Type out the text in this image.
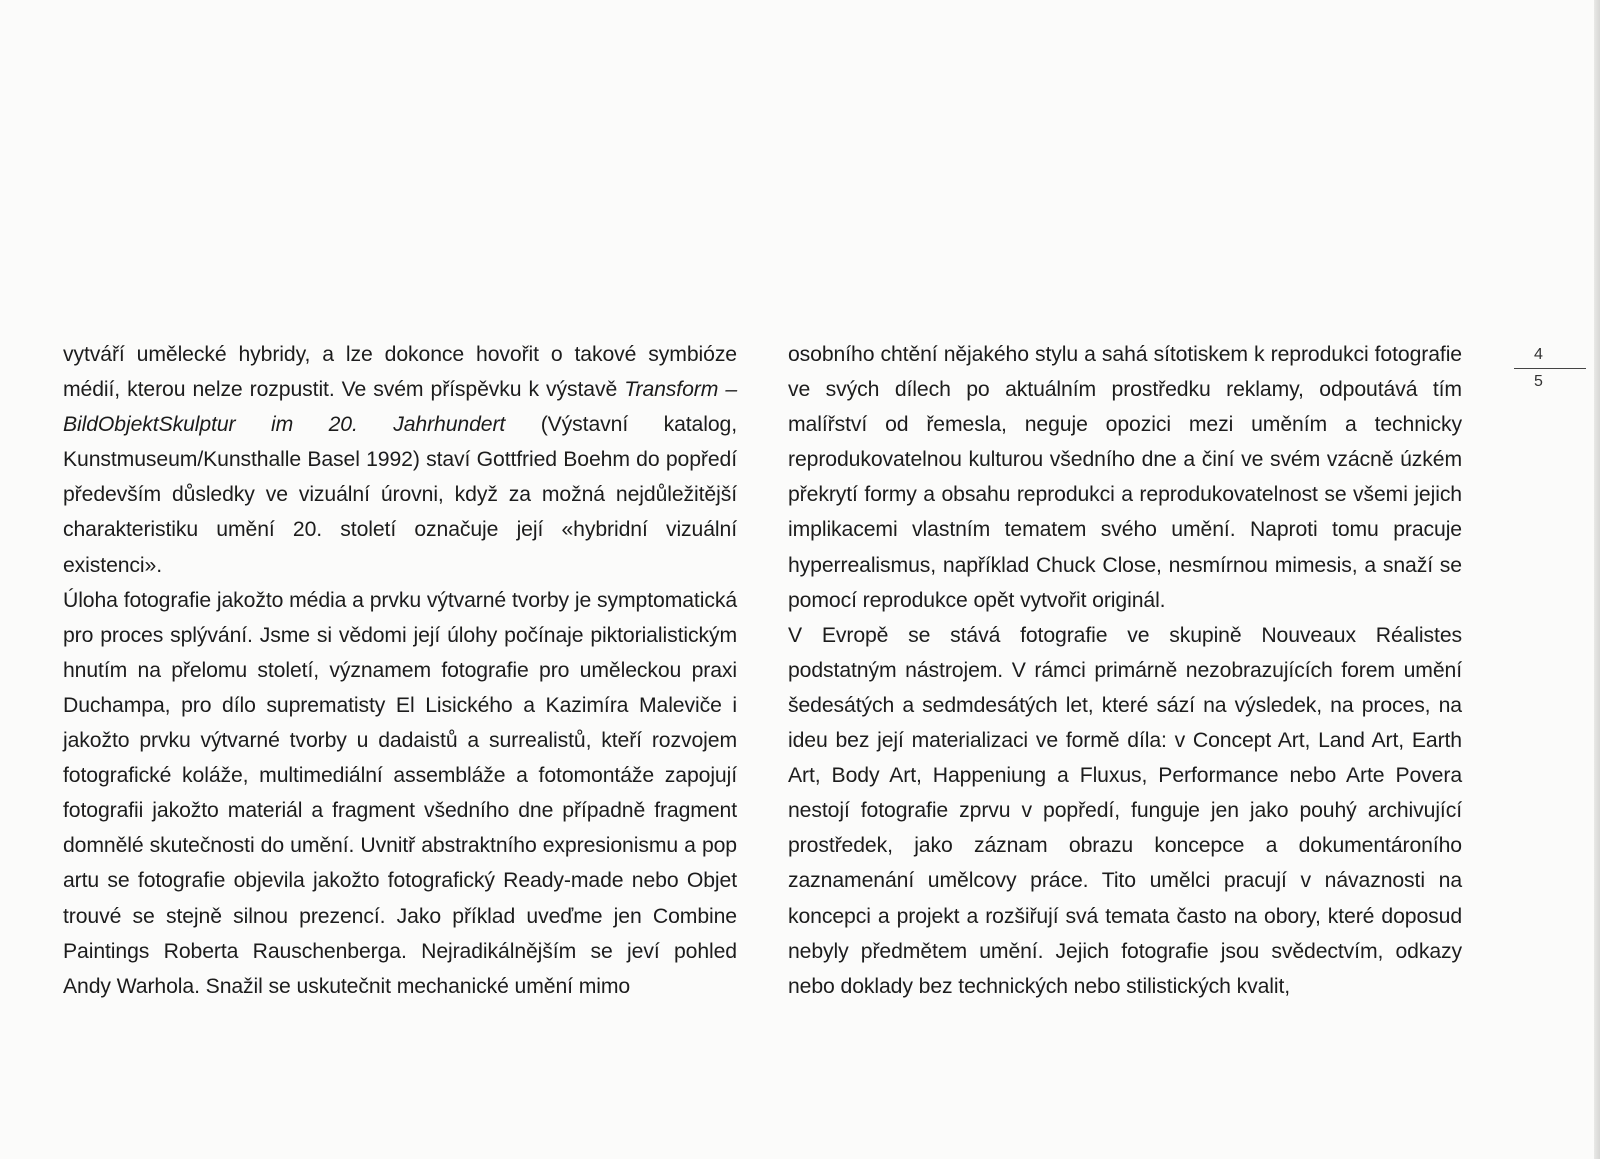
vytváří umělecké hybridy, a lze dokonce hovořit o takové symbióze médií, kterou nelze rozpustit. Ve svém příspěvku k výstavě Transform – BildObjektSkulptur im 20. Jahrhundert (Výstavní katalog, Kunstmuseum/Kunsthalle Basel 1992) staví Gottfried Boehm do popředí především důsledky ve vizuální úrovni, když za možná nejdůležitější charakteristiku umění 20. století označuje její «hybridní vizuální existenci».

Úloha fotografie jakožto média a prvku výtvarné tvorby je symptomatická pro proces splývání. Jsme si vědomi její úlohy počínaje piktorialistickým hnutím na přelomu století, významem fotografie pro uměleckou praxi Duchampa, pro dílo suprematisty El Lisického a Kazimíra Maleviče i jakožto prvku výtvarné tvorby u dadaistů a surrealistů, kteří rozvojem fotografické koláže, multimediální assembláže a fotomontáže zapojují fotografii jakožto materiál a fragment všedního dne případně fragment domnělé skutečnosti do umění. Uvnitř abstraktního expresionismu a pop artu se fotografie objevila jakožto fotografický Ready-made nebo Objet trouvé se stejně silnou prezencí. Jako příklad uveďme jen Combine Paintings Roberta Rauschenberga. Nejradikálnějším se jeví pohled Andy Warhola. Snažil se uskutečnit mechanické umění mimo

osobního chtění nějakého stylu a sahá sítotiskem k reprodukci fotografie ve svých dílech po aktuálním prostředku reklamy, odpoutává tím malířství od řemesla, neguje opozici mezi uměním a technicky reprodukovatelnou kulturou všedního dne a činí ve svém vzácně úzkém překrytí formy a obsahu reprodukci a reprodukovatelnost se všemi jejich implikacemi vlastním tematem svého umění. Naproti tomu pracuje hyperrealismus, například Chuck Close, nesmírnou mimesis, a snaží se pomocí reprodukce opět vytvořit originál.

V Evropě se stává fotografie ve skupině Nouveaux Réalistes podstatným nástrojem. V rámci primárně nezobrazujících forem umění šedesátých a sedmdesátých let, které sází na výsledek, na proces, na ideu bez její materializaci ve formě díla: v Concept Art, Land Art, Earth Art, Body Art, Happeniung a Fluxus, Performance nebo Arte Povera nestojí fotografie zprvu v popředí, funguje jen jako pouhý archivující prostředek, jako záznam obrazu koncepce a dokumentároního zaznamenání umělcovy práce. Tito umělci pracují v návaznosti na koncepci a projekt a rozšiřují svá temata často na obory, které doposud nebyly předmětem umění. Jejich fotografie jsou svědectvím, odkazy nebo doklady bez technických nebo stilistických kvalit,

4
5
